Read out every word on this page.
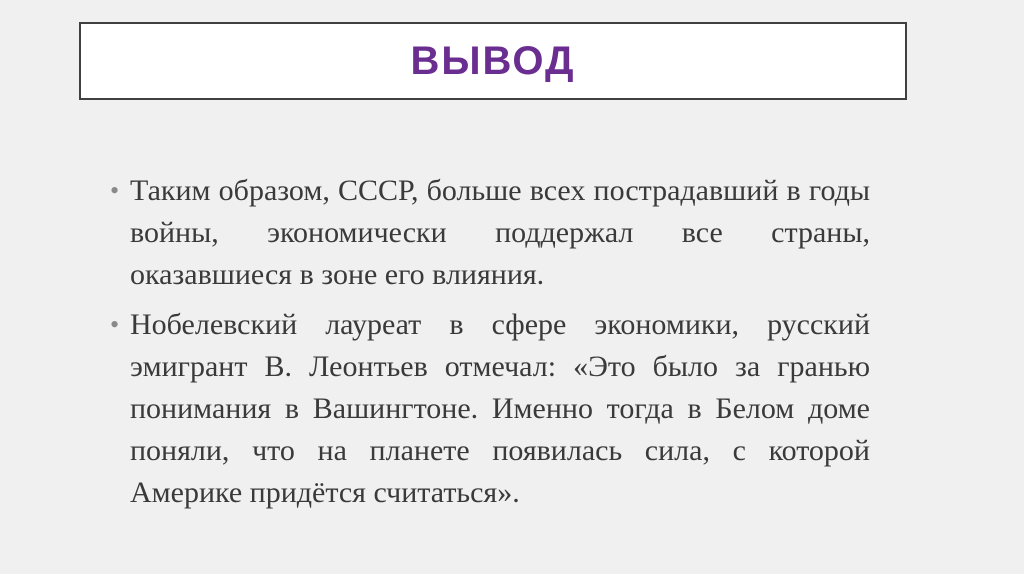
ВЫВОД
• Таким образом, СССР, больше всех пострадавший в годы войны, экономически поддержал все страны, оказавшиеся в зоне его влияния.
• Нобелевский лауреат в сфере экономики, русский эмигрант В. Леонтьев отмечал: «Это было за гранью понимания в Вашингтоне. Именно тогда в Белом доме поняли, что на планете появилась сила, с которой Америке придётся считаться».
